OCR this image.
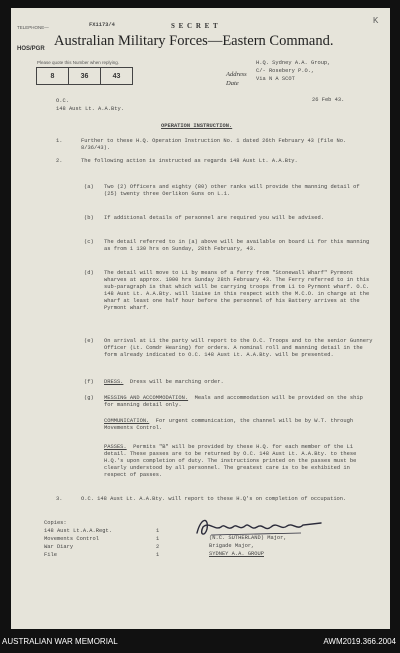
TELEPHONE—	FX1173/4	S E C R E T
K
HOS/PGR Australian Military Forces—Eastern Command.
Please quote this Number when replying.
8	36	43	Address
H.Q. Sydney A.A. Group,
C/- Rosebery P.O.,
Via N A SCOT
Date
26 Feb 43.
O.C.
148 Aust Lt. A.A.Bty.
OPERATION INSTRUCTION.
1.	Further to these H.Q. Operation Instruction No. 1 dated 26th February 43 (file No. 8/36/43).
2.	The following action is instructed as regards 148 Aust Lt. A.A.Bty.
(a) Two (2) Officers and eighty (80) other ranks will provide the manning detail of (25) twenty three Oerlikon Guns on L.1.
(b) If additional details of personnel are required you will be advised.
(c) The detail referred to in (a) above will be available on board L1 for this manning as from 1 130 hrs on Sunday, 28th February, 43.
(d) The detail will move to L1 by means of a ferry from "Stonewall Wharf" Pyrmont wharves at approx. 1000 hrs Sunday 28th February 43. The Ferry referred to in this sub-paragraph is that which will be carrying troops from L1 to Pyrmont wharf. O.C. 148 Aust Lt. A.A.Bty. will liaise in this respect with the M.C.O. in charge at the wharf at least one half hour before the personnel of his Battery arrives at the Pyrmont wharf.
(e) On arrival at L1 the party will report to the O.C. Troops and to the senior Gunnery Officer (Lt. Comdr Hearing) for orders. A nominal roll and manning detail in the form already indicated to O.C. 148 Aust Lt. A.A.Bty. will be presented.
(f) DRESS. Dress will be marching order.
(g) MESSING AND ACCOMMODATION. Meals and accommodation will be provided on the ship for manning detail only.
COMMUNICATION. For urgent communication, the channel will be by W.T. through Movements Control.
PASSES. Permits "B" will be provided by these H.Q. for each member of the L1 detail. These passes are to be returned by O.C. 148 Aust Lt. A.A.Bty. to these H.Q.'s upon completion of duty. The instructions printed on the passes must be clearly understood by all personnel. The greatest care is to be exhibited in respect of passes.
3.	O.C. 148 Aust Lt. A.A.Bty. will report to these H.Q's on completion of occupation.
Copies:
148 Aust Lt.A.A.Regt.	1
Movements Control	1
War Diary	2
File	1
(N.C. SUTHERLAND) Major,
Brigade Major,
SYDNEY A.A. GROUP
AUSTRALIAN WAR MEMORIAL	AWM2019.366.2004
